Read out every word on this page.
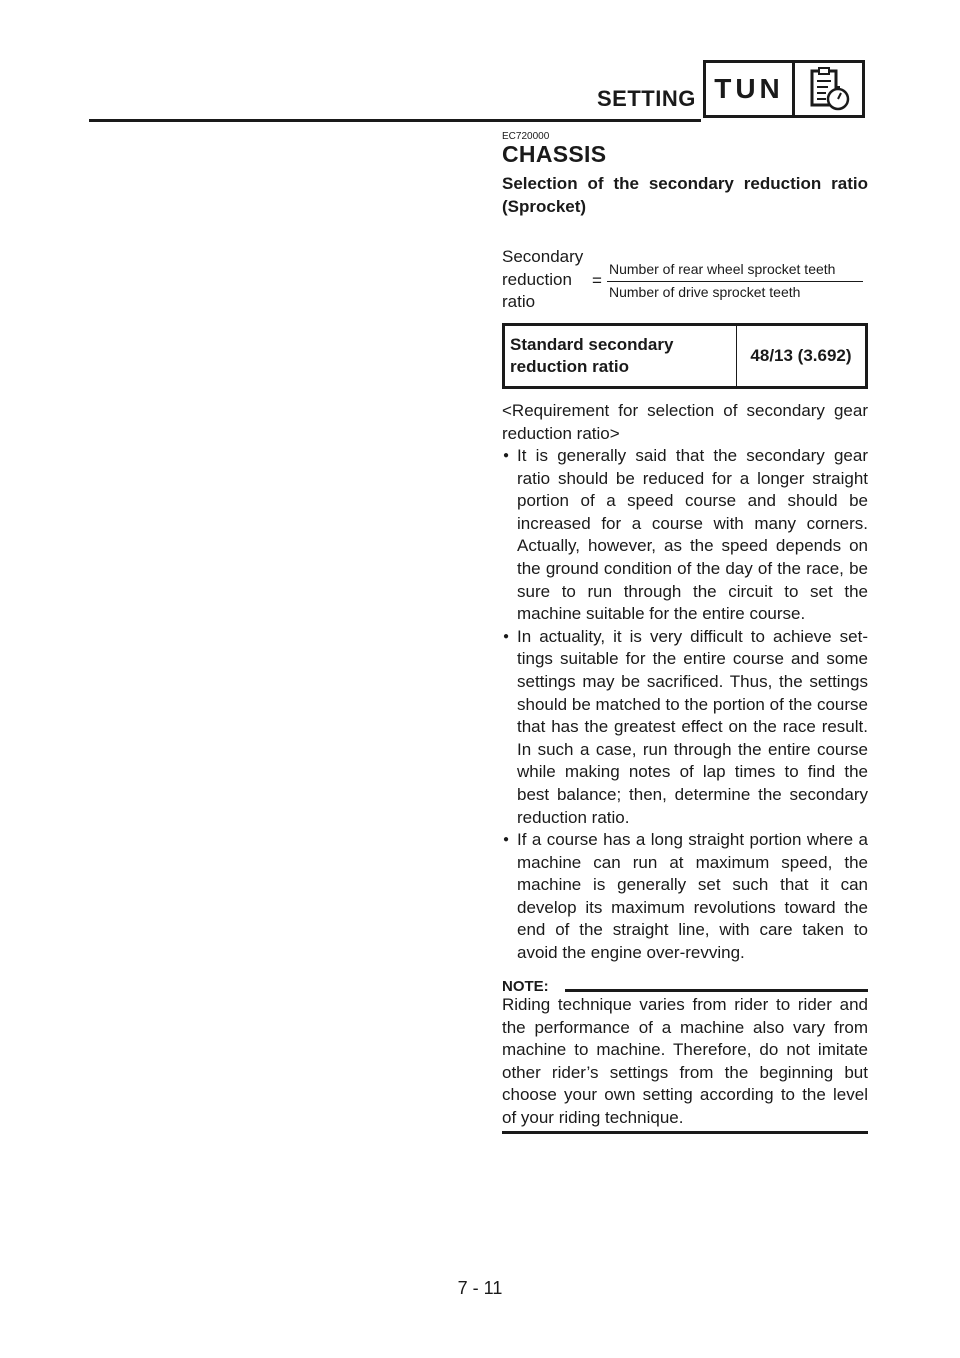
SETTING TUN
EC720000
CHASSIS
Selection of the secondary reduction ratio (Sprocket)
Secondary
reduction
ratio
=
Number of rear wheel sprocket teeth
Number of drive sprocket teeth
Standard secondary reduction ratio
48/13 (3.692)
<Requirement for selection of secondary gear reduction ratio>
● It is generally said that the secondary gear ratio should be reduced for a longer straight portion of a speed course and should be increased for a course with many corners. Actually, however, as the speed depends on the ground condition of the day of the race, be sure to run through the circuit to set the machine suitable for the entire course.
● In actuality, it is very difficult to achieve set-tings suitable for the entire course and some settings may be sacrificed. Thus, the settings should be matched to the portion of the course that has the greatest effect on the race result. In such a case, run through the entire course while making notes of lap times to find the best balance; then, determine the secondary reduction ratio.
● If a course has a long straight portion where a machine can run at maximum speed, the machine is generally set such that it can develop its maximum revolutions toward the end of the straight line, with care taken to avoid the engine over-revving.
NOTE:
Riding technique varies from rider to rider and the performance of a machine also vary from machine to machine. Therefore, do not imitate other rider’s settings from the beginning but choose your own setting according to the level of your riding technique.
7 - 11
